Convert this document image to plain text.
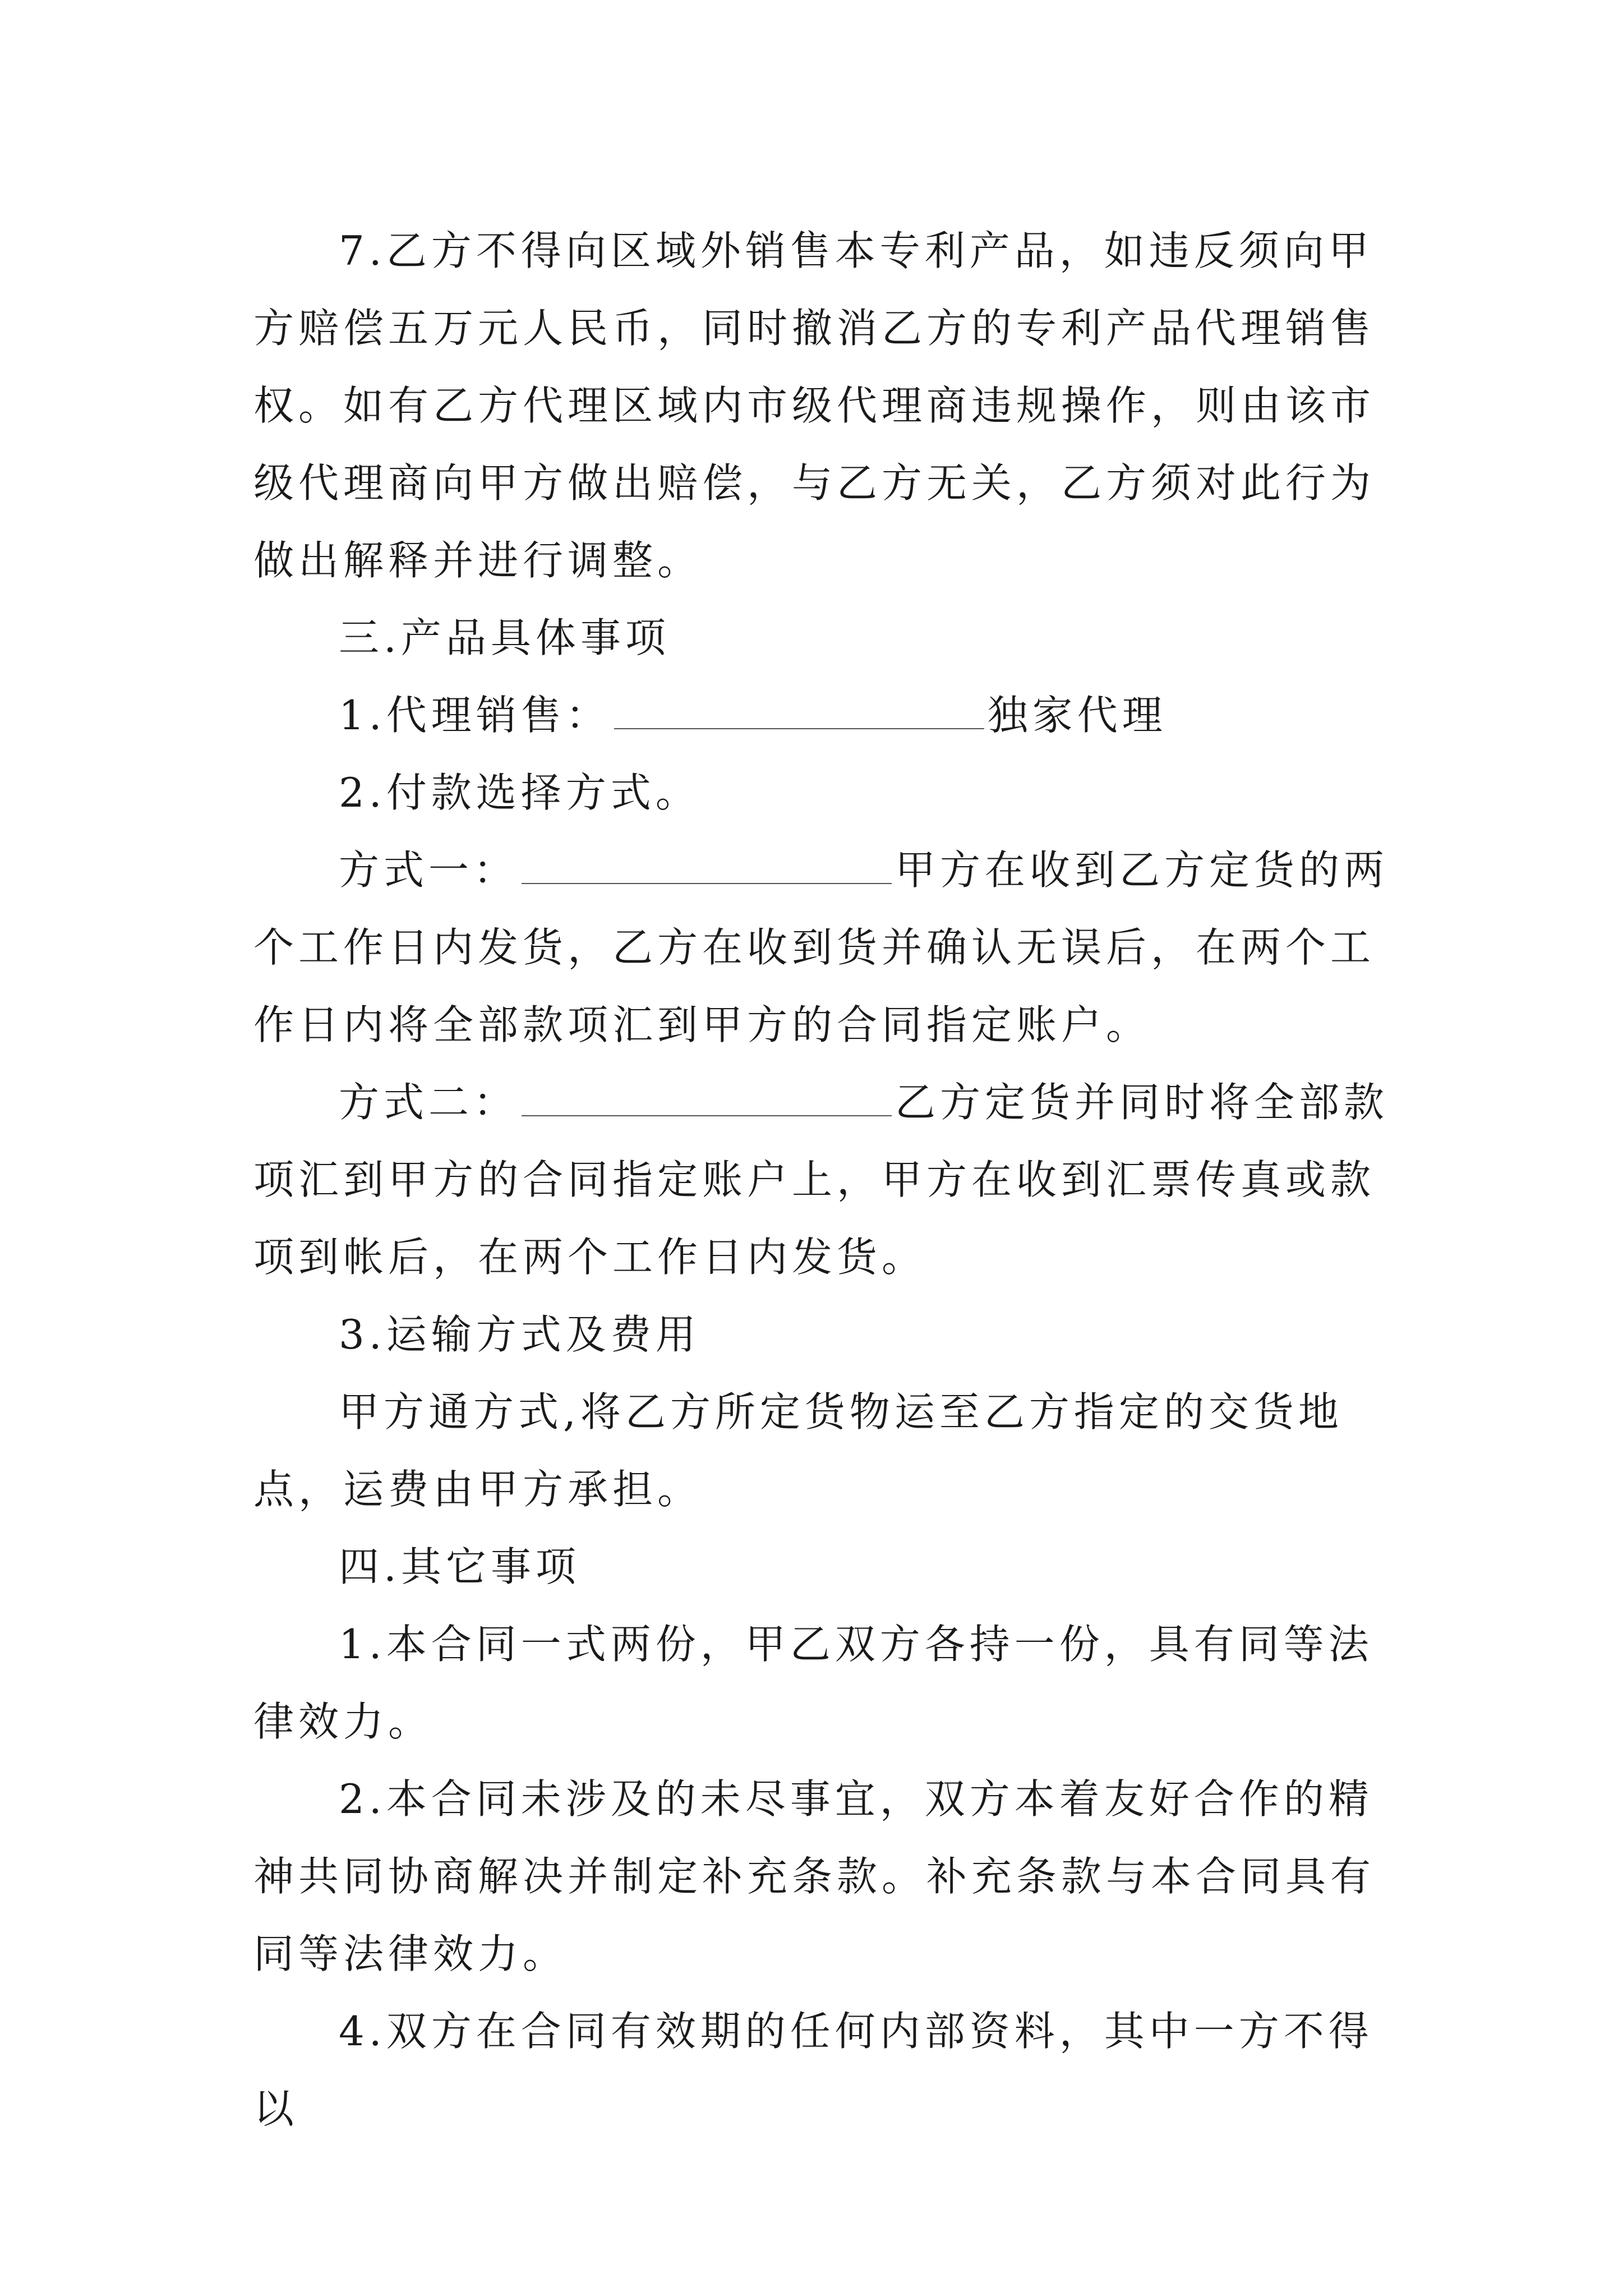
7.乙方不得向区域外销售本专利产品，如违反须向甲方赔偿五万元人民币，同时撤消乙方的专利产品代理销售权。如有乙方代理区域内市级代理商违规操作，则由该市级代理商向甲方做出赔偿，与乙方无关，乙方须对此行为做出解释并进行调整。

三.产品具体事项

1.代理销售：	独家代理

2.付款选择方式。

方式一：	甲方在收到乙方定货的两个工作日内发货，乙方在收到货并确认无误后，在两个工作日内将全部款项汇到甲方的合同指定账户。

方式二：	乙方定货并同时将全部款项汇到甲方的合同指定账户上，甲方在收到汇票传真或款项到帐后，在两个工作日内发货。

3.运输方式及费用

甲方通方式,将乙方所定货物运至乙方指定的交货地点，运费由甲方承担。

四.其它事项

1.本合同一式两份，甲乙双方各持一份，具有同等法律效力。

2.本合同未涉及的未尽事宜，双方本着友好合作的精神共同协商解决并制定补充条款。补充条款与本合同具有同等法律效力。

4.双方在合同有效期的任何内部资料，其中一方不得以
